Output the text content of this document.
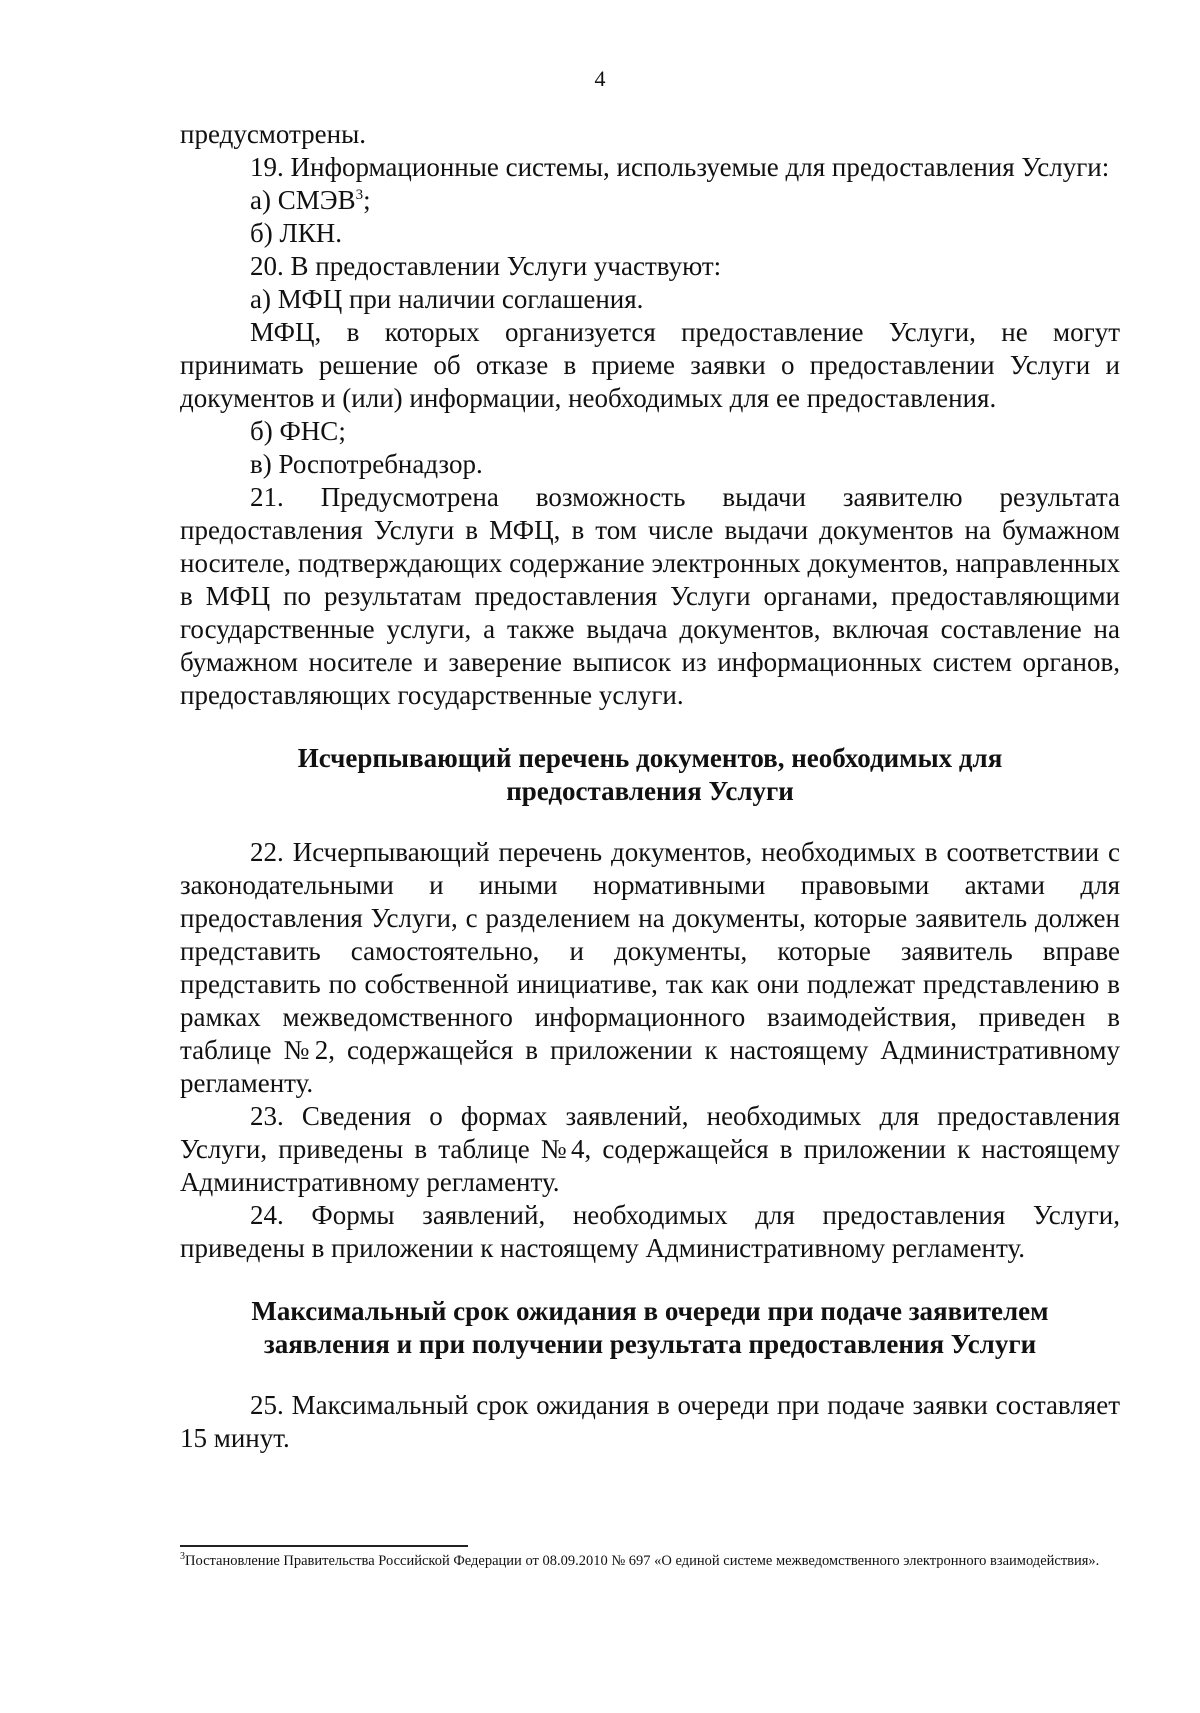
4

предусмотрены.

19. Информационные системы, используемые для предоставления Услуги:

а) СМЭВ$^3$;

б) ЛКН.

20. В предоставлении Услуги участвуют:

а) МФЦ при наличии соглашения.

МФЦ, в которых организуется предоставление Услуги, не могут принимать решение об отказе в приеме заявки о предоставлении Услуги и документов и (или) информации, необходимых для ее предоставления.

б) ФНС;

в) Роспотребнадзор.

21. Предусмотрена возможность выдачи заявителю результата предоставления Услуги в МФЦ, в том числе выдачи документов на бумажном носителе, подтверждающих содержание электронных документов, направленных в МФЦ по результатам предоставления Услуги органами, предоставляющими государственные услуги, а также выдача документов, включая составление на бумажном носителе и заверение выписок из информационных систем органов, предоставляющих государственные услуги.

Исчерпывающий перечень документов, необходимых для
предоставления Услуги

22. Исчерпывающий перечень документов, необходимых в соответствии с законодательными и иными нормативными правовыми актами для предоставления Услуги, с разделением на документы, которые заявитель должен представить самостоятельно, и документы, которые заявитель вправе представить по собственной инициативе, так как они подлежат представлению в рамках межведомственного информационного взаимодействия, приведен в таблице №2, содержащейся в приложении к настоящему Административному регламенту.

23. Сведения о формах заявлений, необходимых для предоставления Услуги, приведены в таблице №4, содержащейся в приложении к настоящему Административному регламенту.

24. Формы заявлений, необходимых для предоставления Услуги, приведены в приложении к настоящему Административному регламенту.

Максимальный срок ожидания в очереди при подаче заявителем
заявления и при получении результата предоставления Услуги

25. Максимальный срок ожидания в очереди при подаче заявки составляет 15 минут.

$^3$Постановление Правительства Российской Федерации от 08.09.2010 № 697 «О единой системе межведомственного электронного взаимодействия».
